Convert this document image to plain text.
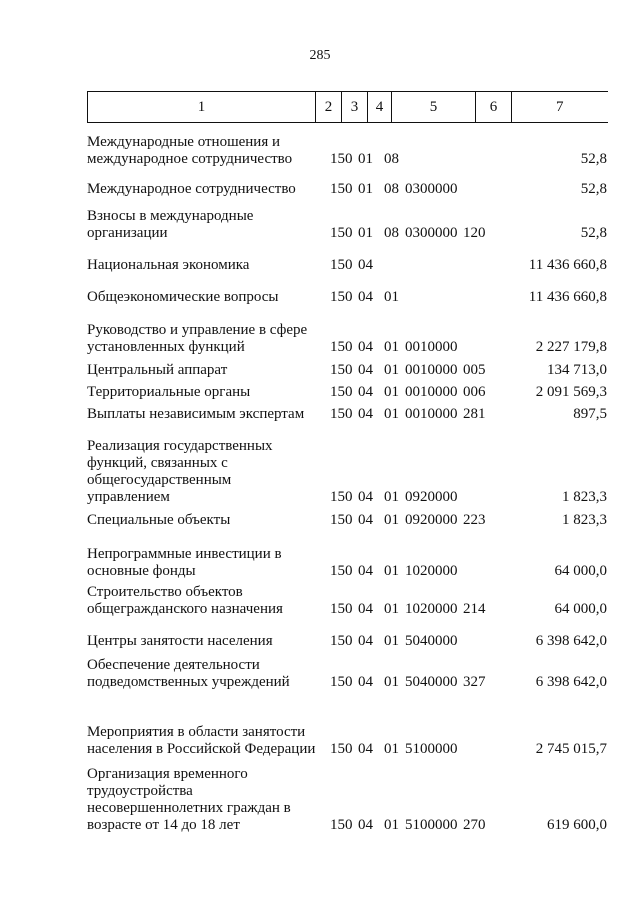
285
1	2	3	4	5	6	7
Международные отношения и международное сотрудничество	150 01 08	52,8
Международное сотрудничество	150 01 08 0300000	52,8
Взносы в международные организации	150 01 08 0300000 120	52,8
Национальная экономика	150 04	11 436 660,8
Общеэкономические вопросы	150 04 01	11 436 660,8
Руководство и управление в сфере установленных функций	150 04 01 0010000	2 227 179,8
Центральный аппарат	150 04 01 0010000 005	134 713,0
Территориальные органы	150 04 01 0010000 006	2 091 569,3
Выплаты независимым экспертам	150 04 01 0010000 281	897,5
Реализация государственных функций, связанных с общегосударственным управлением	150 04 01 0920000	1 823,3
Специальные объекты	150 04 01 0920000 223	1 823,3
Непрограммные инвестиции в основные фонды	150 04 01 1020000	64 000,0
Строительство объектов общегражданского назначения	150 04 01 1020000 214	64 000,0
Центры занятости населения	150 04 01 5040000	6 398 642,0
Обеспечение деятельности подведомственных учреждений	150 04 01 5040000 327	6 398 642,0
Мероприятия в области занятости населения в Российской Федерации 150 04 01 5100000	2 745 015,7
Организация временного трудоустройства несовершеннолетних граждан в возрасте от 14 до 18 лет	150 04 01 5100000 270	619 600,0
